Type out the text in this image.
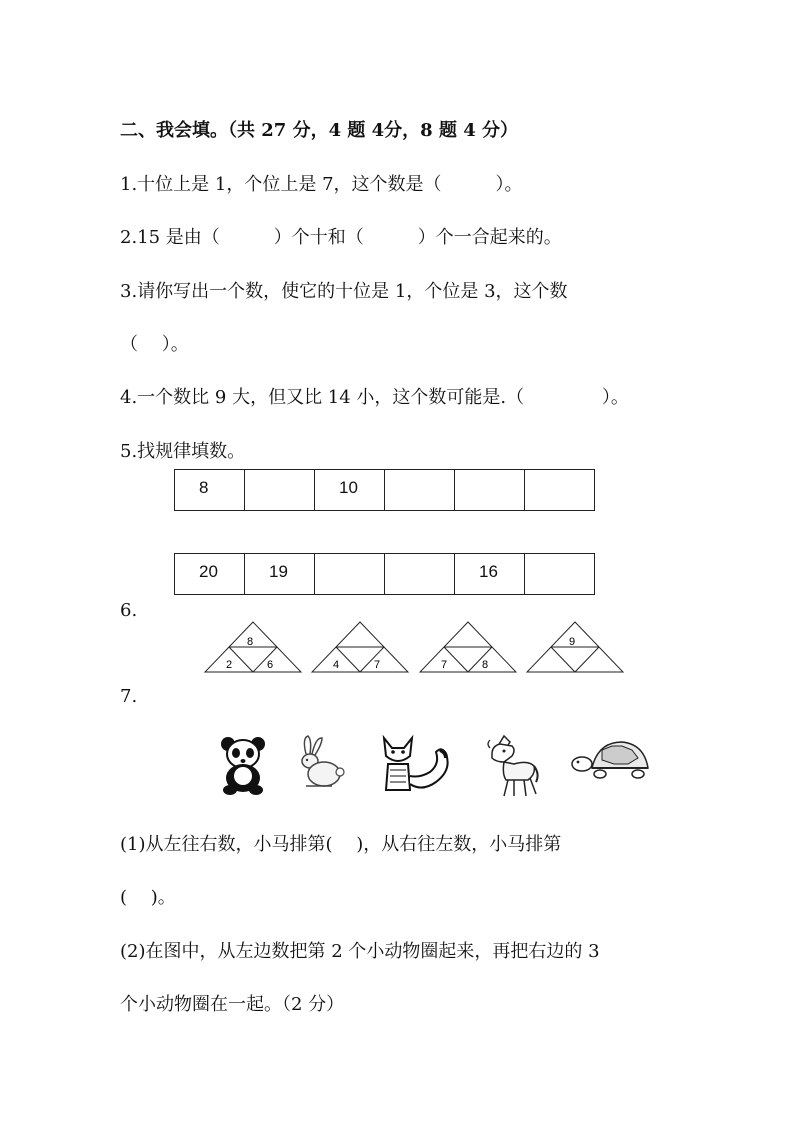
二、我会填。（共 27 分，4 题 4分，8 题 4 分）
1.十位上是 1，个位上是 7，这个数是（　　　）。
2.15 是由（　　　）个十和（　　　）个一合起来的。
3.请你写出一个数，使它的十位是 1，个位是 3，这个数
（　 ）。
4.一个数比 9 大，但又比 14 小，这个数可能是.（　　　　 ）。
5.找规律填数。
8		10

20	19			16

6.
8
2	6	4	7	7	8
9
7.
(1)从左往右数，小马排第(　 )，从右往左数，小马排第
(　 )。
(2)在图中，从左边数把第 2 个小动物圈起来，再把右边的 3
个小动物圈在一起。（2 分）
